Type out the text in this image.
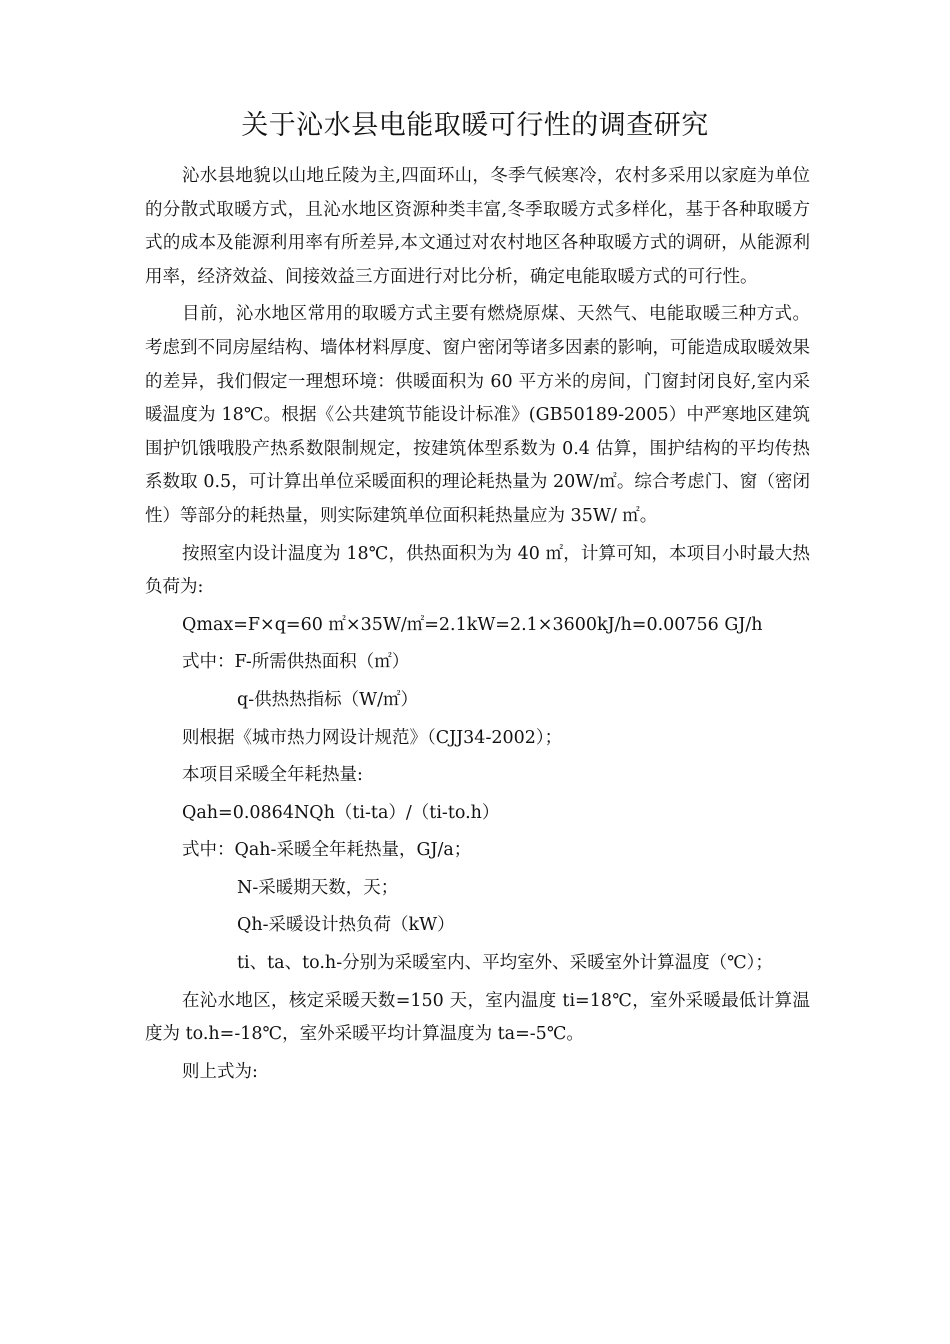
关于沁水县电能取暖可行性的调查研究

沁水县地貌以山地丘陵为主,四面环山，冬季气候寒冷，农村多采用以家庭为单位的分散式取暖方式，且沁水地区资源种类丰富,冬季取暖方式多样化，基于各种取暖方式的成本及能源利用率有所差异,本文通过对农村地区各种取暖方式的调研，从能源利用率，经济效益、间接效益三方面进行对比分析，确定电能取暖方式的可行性。

目前，沁水地区常用的取暖方式主要有燃烧原煤、天然气、电能取暖三种方式。考虑到不同房屋结构、墙体材料厚度、窗户密闭等诸多因素的影响，可能造成取暖效果的差异，我们假定一理想环境：供暖面积为 60 平方米的房间，门窗封闭良好,室内采暖温度为 18℃。根据《公共建筑节能设计标准》(GB50189-2005）中严寒地区建筑围护饥饿哦股产热系数限制规定，按建筑体型系数为 0.4 估算，围护结构的平均传热系数取 0.5，可计算出单位采暖面积的理论耗热量为 20W/㎡。综合考虑门、窗（密闭性）等部分的耗热量，则实际建筑单位面积耗热量应为 35W/ ㎡。

按照室内设计温度为 18℃，供热面积为为 40 ㎡，计算可知，本项目小时最大热负荷为:

Qmax=F×q=60 ㎡×35W/㎡=2.1kW=2.1×3600kJ/h=0.00756 GJ/h

式中：F-所需供热面积（㎡）

q-供热热指标（W/㎡）

则根据《城市热力网设计规范》（CJJ34-2002）；

本项目采暖全年耗热量:

Qah=0.0864NQh（ti-ta）/（ti-to.h）

式中：Qah-采暖全年耗热量，GJ/a；

N-采暖期天数，天；

Qh-采暖设计热负荷（kW）

ti、ta、to.h-分别为采暖室内、平均室外、采暖室外计算温度（℃）；

在沁水地区，核定采暖天数=150 天，室内温度 ti=18℃，室外采暖最低计算温度为 to.h=-18℃，室外采暖平均计算温度为 ta=-5℃。

则上式为:
